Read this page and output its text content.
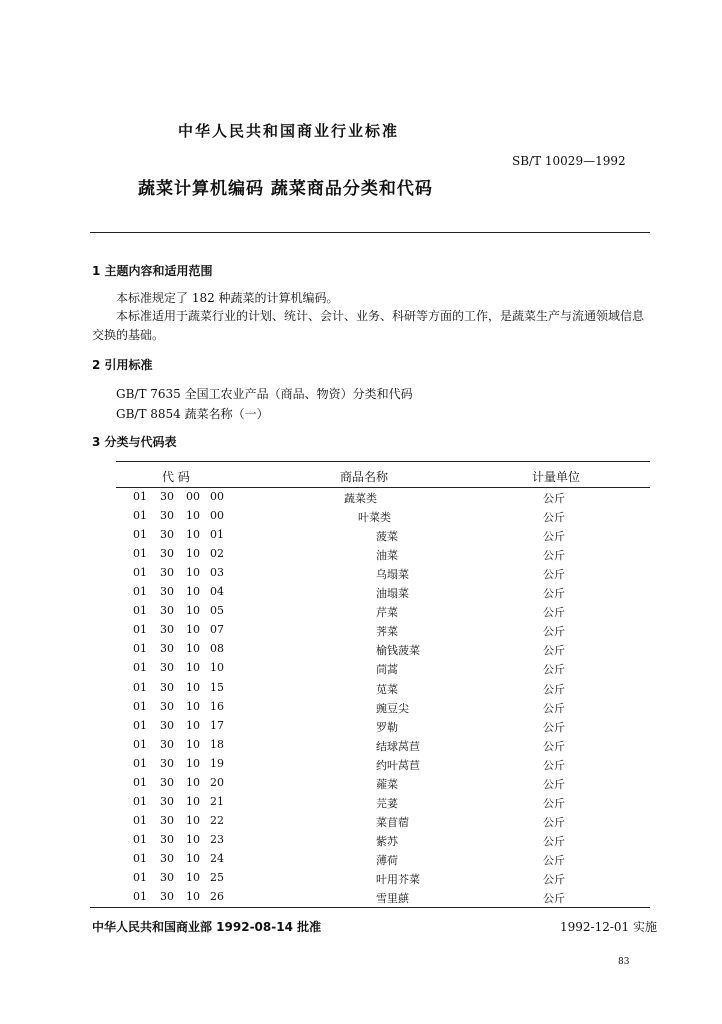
中华人民共和国商业行业标准
SB/T 10029—1992
蔬菜计算机编码 蔬菜商品分类和代码
1 主题内容和适用范围
本标准规定了 182 种蔬菜的计算机编码。
本标准适用于蔬菜行业的计划、统计、会计、业务、科研等方面的工作，是蔬菜生产与流通领域信息
交换的基础。
2 引用标准
GB/T 7635 全国工农业产品（商品、物资）分类和代码
GB/T 8854 蔬菜名称（一）
3 分类与代码表
代 码	商品名称	计量单位
01 30 00 00	蔬菜类	公斤
01 30 10 00	叶菜类	公斤
01 30 10 01	菠菜	公斤
01 30 10 02	油菜	公斤
01 30 10 03	乌塌菜	公斤
01 30 10 04	油塌菜	公斤
01 30 10 05	芹菜	公斤
01 30 10 07	荠菜	公斤
01 30 10 08	榆钱菠菜	公斤
01 30 10 10	茼蒿	公斤
01 30 10 15	苋菜	公斤
01 30 10 16	豌豆尖	公斤
01 30 10 17	罗勒	公斤
01 30 10 18	结球莴苣	公斤
01 30 10 19	约叶莴苣	公斤
01 30 10 20	蕹菜	公斤
01 30 10 21	芫荽	公斤
01 30 10 22	菜苜蓿	公斤
01 30 10 23	紫苏	公斤
01 30 10 24	薄荷	公斤
01 30 10 25	叶用芥菜	公斤
01 30 10 26	雪里蕻	公斤
中华人民共和国商业部 1992-08-14 批准	1992-12-01 实施
83
